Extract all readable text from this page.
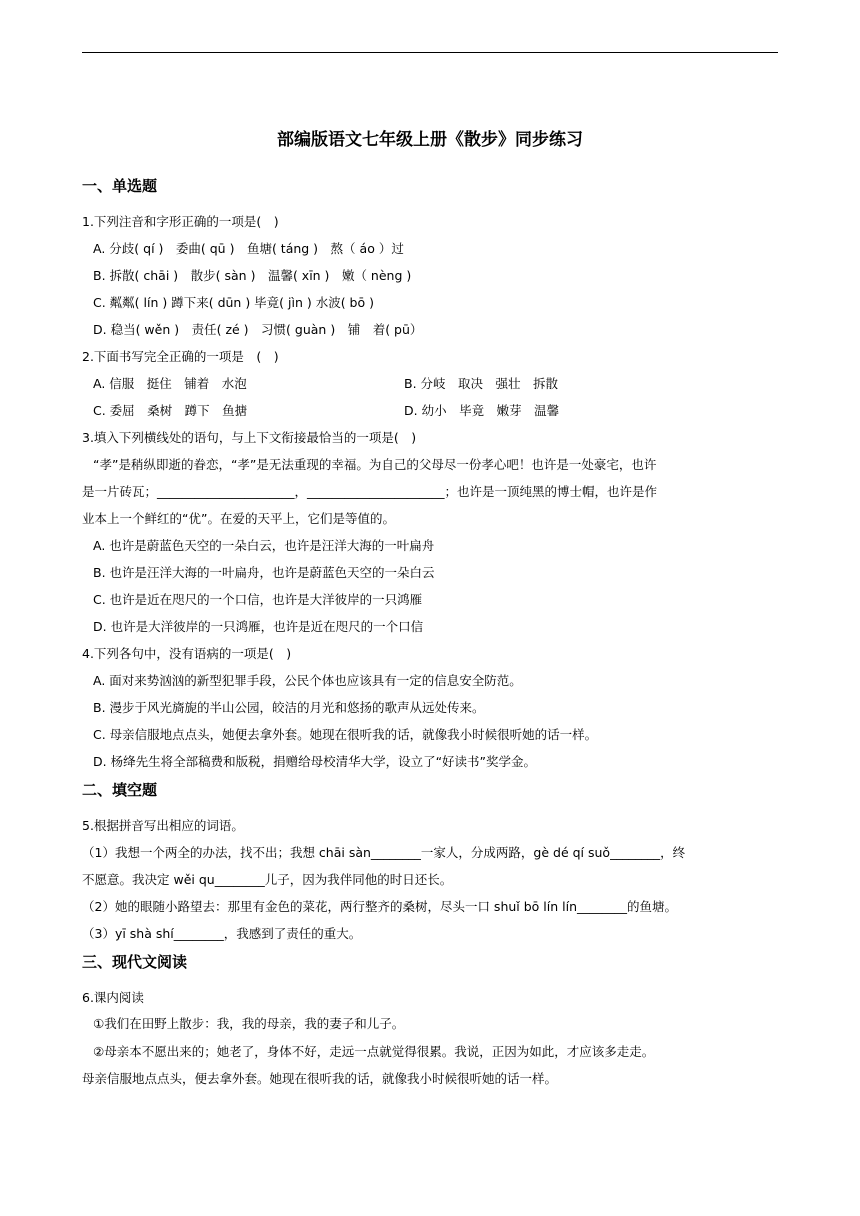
部编版语文七年级上册《散步》同步练习
一、单选题
1.下列注音和字形正确的一项是(　)
A. 分歧( qí )　委曲( qū )　鱼塘( táng )　熬（ áo ）过
B. 拆散( chāi )　散步( sàn )　温馨( xīn )　嫩（ nèng )
C. 粼粼( lín ) 蹲下来( dūn ) 毕竟( jìn ) 水波( bō )
D. 稳当( wěn )　责任( zé )　习惯( guàn )　铺　着( pū）
2.下面书写完全正确的一项是　(　)
A. 信服　挺住　铺着　水泡	B. 分岐　取决　强壮　拆散
C. 委屈　桑树　蹲下　鱼搪	D. 幼小　毕竟　嫩芽　温馨
3.填入下列横线处的语句，与上下文衔接最恰当的一项是(　)
“孝”是稍纵即逝的眷恋，“孝”是无法重现的幸福。为自己的父母尽一份孝心吧！也许是一处豪宅，也许
是一片砖瓦；______________________，______________________；也许是一顶纯黑的博士帽，也许是作
业本上一个鲜红的“优”。在爱的天平上，它们是等值的。
A. 也许是蔚蓝色天空的一朵白云，也许是汪洋大海的一叶扁舟
B. 也许是汪洋大海的一叶扁舟，也许是蔚蓝色天空的一朵白云
C. 也许是近在咫尺的一个口信，也许是大洋彼岸的一只鸿雁
D. 也许是大洋彼岸的一只鸿雁，也许是近在咫尺的一个口信
4.下列各句中，没有语病的一项是(　)
A. 面对来势汹汹的新型犯罪手段，公民个体也应该具有一定的信息安全防范。
B. 漫步于风光旖旎的半山公园，皎洁的月光和悠扬的歌声从远处传来。
C. 母亲信服地点点头，她便去拿外套。她现在很听我的话，就像我小时候很听她的话一样。
D. 杨绛先生将全部稿费和版税，捐赠给母校清华大学，设立了“好读书”奖学金。
二、填空题
5.根据拼音写出相应的词语。
（1）我想一个两全的办法，找不出；我想 chāi sàn________一家人，分成两路，gè dé qí suǒ________，终
不愿意。我决定 wěi qu________儿子，因为我伴同他的时日还长。
（2）她的眼随小路望去：那里有金色的菜花，两行整齐的桑树，尽头一口 shuǐ bō lín lín________的鱼塘。
（3）yī shà shí________，我感到了责任的重大。
三、现代文阅读
6.课内阅读
①我们在田野上散步：我，我的母亲，我的妻子和儿子。
②母亲本不愿出来的；她老了，身体不好，走远一点就觉得很累。我说，正因为如此，才应该多走走。
母亲信服地点点头，便去拿外套。她现在很听我的话，就像我小时候很听她的话一样。
